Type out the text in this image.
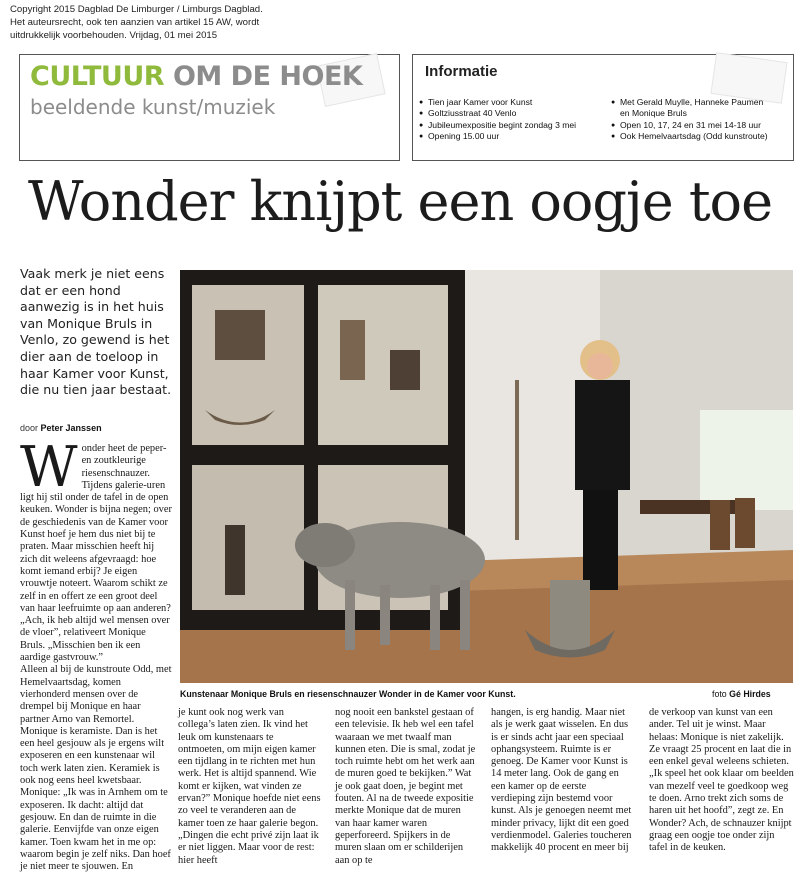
Copyright 2015 Dagblad De Limburger / Limburgs Dagblad.
Het auteursrecht, ook ten aanzien van artikel 15 AW, wordt
uitdrukkelijk voorbehouden. Vrijdag, 01 mei 2015
CULTUUR OM DE HOEK
beeldende kunst/muziek
Informatie
● Tien jaar Kamer voor Kunst
● Goltziusstraat 40 Venlo
● Jubileumexpositie begint zondag 3 mei
● Opening 15.00 uur
● Met Gerald Muylle, Hanneke Paumen
en Monique Bruls
● Open 10, 17, 24 en 31 mei 14-18 uur
● Ook Hemelvaartsdag (Odd kunstroute)
Wonder knijpt een oogje toe
Vaak merk je niet eens dat er een hond aanwezig is in het huis van Monique Bruls in Venlo, zo gewend is het dier aan de toeloop in haar Kamer voor Kunst, die nu tien jaar bestaat.
door Peter Janssen
Kunstenaar Monique Bruls en riesenschnauzer Wonder in de Kamer voor Kunst.	foto Gé Hirdes

Wonder heet de peper- en zoutkleurige riesenschnauzer. Tijdens galerie-uren ligt hij stil onder de tafel in de open keuken. Wonder is bijna negen; over de geschiedenis van de Kamer voor Kunst hoef je hem dus niet bij te praten. Maar misschien heeft hij zich dit weleens afgevraagd: hoe komt iemand erbij? Je eigen vrouwtje noteert. Waarom schikt ze zelf in en offert ze een groot deel van haar leefruimte op aan anderen? „Ach, ik heb altijd wel mensen over de vloer”, relativeert Monique Bruls. „Misschien ben ik een aardige gastvrouw.”

Alleen al bij de kunstroute Odd, met Hemelvaartsdag, komen vierhonderd mensen over de drempel bij Monique en haar partner Arno van Remortel.

Monique is keramiste. Dan is het een heel gesjouw als je ergens wilt exposeren en een kunstenaar wil toch werk laten zien. Keramiek is ook nog eens heel kwetsbaar. Monique: „Ik was in Arnhem om te exposeren. Ik dacht: altijd dat gesjouw. En dan de ruimte in die galerie. Eenvijfde van onze eigen kamer. Toen kwam het in me op: waarom begin je zelf niks. Dan hoef je niet meer te sjouwen. En

je kunt ook nog werk van collega’s laten zien. Ik vind het leuk om kunstenaars te ontmoeten, om mijn eigen kamer een tijdlang in te richten met hun werk. Het is altijd spannend. Wie komt er kijken, wat vinden ze ervan?” Monique hoefde niet eens zo veel te veranderen aan de kamer toen ze haar galerie begon. „Dingen die echt privé zijn laat ik er niet liggen. Maar voor de rest: hier heeft
nog nooit een bankstel gestaan of een televisie. Ik heb wel een tafel waaraan we met twaalf man kunnen eten. Die is smal, zodat je toch ruimte hebt om het werk aan de muren goed te bekijken.” Wat je ook gaat doen, je begint met fouten. Al na de tweede expositie merkte Monique dat de muren van haar kamer waren geperforeerd. Spijkers in de muren slaan om er schilderijen aan op te
hangen, is erg handig. Maar niet als je werk gaat wisselen. En dus is er sinds acht jaar een speciaal ophangsysteem. Ruimte is er genoeg. De Kamer voor Kunst is 14 meter lang. Ook de gang en een kamer op de eerste verdieping zijn bestemd voor kunst. Als je genoegen neemt met minder privacy, lijkt dit een goed verdienmodel. Galeries toucheren makkelijk 40 procent en meer bij
de verkoop van kunst van een ander. Tel uit je winst. Maar helaas: Monique is niet zakelijk. Ze vraagt 25 procent en laat die in een enkel geval weleens schieten. „Ik speel het ook klaar om beelden van mezelf veel te goedkoop weg te doen. Arno trekt zich soms de haren uit het hoofd”, zegt ze. En Wonder? Ach, de schnauzer knijpt graag een oogje toe onder zijn tafel in de keuken.
